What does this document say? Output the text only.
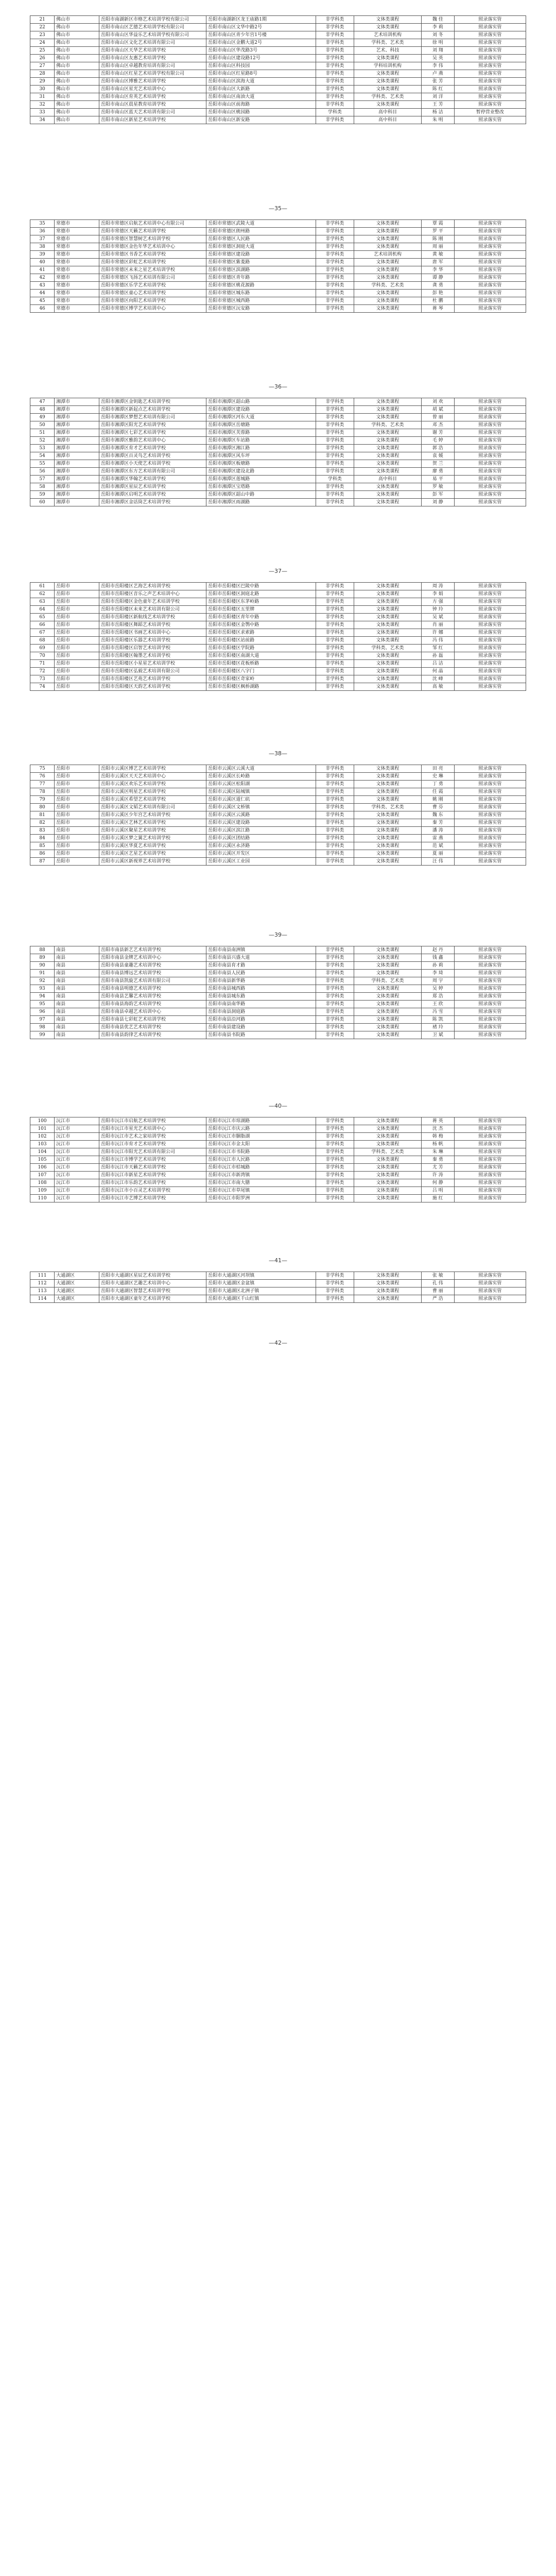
21	佛山市	岳阳市南湖新区市格艺术培训学校有限公司	岳阳市南湖新区龙王庙路1期	非学科类	文体类课程	魏 佳	照录落实管
22	佛山市	岳阳市南山区艺德艺术培训学校有限公司	岳阳市南山区文华中路2号	非学科类	文体类课程	李 莉	照录落实管
23	佛山市	岳阳市南山区华益乐艺术培训学校有限公司	岳阳市南山区青少年宫1号楼	非学科类	艺术培训机构	刘 冬	照录落实管
24	佛山市	岳阳市南山区文化艺术培训有限公司	岳阳市南山区金鹏大道2号	非学科类	学科类、艺术类	徐 明	照录落实管
25	佛山市	岳阳市南山区天华艺术培训学校	岳阳市南山区华茂路3号	非学科类	艺术、科技	刘 翔	照录落实管
26	佛山市	岳阳市南山区友惠艺术培训学校	岳阳市南山区建设路12号	非学科类	文体类课程	吴 英	照录落实管
27	佛山市	岳阳市南山区卓越教育培训有限公司	岳阳市南山区科技园	非学科类	学科培训机构	李 伟	照录落实管
28	佛山市	岳阳市南山区红星艺术培训学校有限公司	岳阳市南山区红星路8号	非学科类	文体类课程	卢 燕	照录落实管
29	佛山市	岳阳市南山区博雅艺术培训学校	岳阳市南山区滨海大道	非学科类	文体类课程	张 芳	照录落实管
30	佛山市	岳阳市南山区星光艺术培训中心	岳阳市南山区大新路	非学科类	文体类课程	陈 红	照录落实管
31	佛山市	岳阳市南山区育英艺术培训学校	岳阳市南山区南油大道	非学科类	学科类、艺术类	刘 洋	照录落实管
32	佛山市	岳阳市南山区晨星教育培训学校	岳阳市南山区前海路	非学科类	文体类课程	王 芳	照录落实管
33	佛山市	岳阳市南山区蓝天艺术培训有限公司	岳阳市南山区桃园路	学科类	高中科目	杨 洁	暂停营业整改
34	佛山市	岳阳市南山区新星艺术培训学校	岳阳市南山区新安路	非学科类	高中科目	朱 明	照录落实管
—35—
35	常德市	岳阳市常德区启航艺术培训中心有限公司	岳阳市常德区武陵大道	非学科类	文体类课程	覃 霞	照录落实管
36	常德市	岳阳市常德区天籁艺术培训学校	岳阳市常德区朗州路	非学科类	文体类课程	罗 平	照录落实管
37	常德市	岳阳市常德区智慧树艺术培训学校	岳阳市常德区人民路	非学科类	文体类课程	陈 刚	照录落实管
38	常德市	岳阳市常德区金色年华艺术培训中心	岳阳市常德区洞庭大道	非学科类	文体类课程	周 丽	照录落实管
39	常德市	岳阳市常德区书香艺术培训学校	岳阳市常德区建设路	非学科类	艺术培训机构	黄 敏	照录落实管
40	常德市	岳阳市常德区彩虹艺术培训学校	岳阳市常德区紫菱路	非学科类	文体类课程	唐 军	照录落实管
41	常德市	岳阳市常德区未来之星艺术培训学校	岳阳市常德区滨湖路	非学科类	文体类课程	李 华	照录落实管
42	常德市	岳阳市常德区飞扬艺术培训有限公司	岳阳市常德区青年路	非学科类	文体类课程	谭 静	照录落实管
43	常德市	岳阳市常德区乐学艺术培训学校	岳阳市常德区桃花源路	非学科类	学科类、艺术类	龚 勇	照录落实管
44	常德市	岳阳市常德区童心艺术培训学校	岳阳市常德区城东路	非学科类	文体类课程	彭 艳	照录落实管
45	常德市	岳阳市常德区向阳艺术培训学校	岳阳市常德区城西路	非学科类	文体类课程	杜 鹏	照录落实管
46	常德市	岳阳市常德区博学艺术培训中心	岳阳市常德区沅安路	非学科类	文体类课程	蒋 琴	照录落实管
—36—
47	湘潭市	岳阳市湘潭区金钥匙艺术培训学校	岳阳市湘潭区韶山路	非学科类	文体类课程	刘 欢	照录落实管
48	湘潭市	岳阳市湘潭区新起点艺术培训学校	岳阳市湘潭区建设路	非学科类	文体类课程	胡 斌	照录落实管
49	湘潭市	岳阳市湘潭区梦想艺术培训有限公司	岳阳市湘潭区河东大道	非学科类	文体类课程	曾 丽	照录落实管
50	湘潭市	岳阳市湘潭区阳光艺术培训学校	岳阳市湘潭区岳塘路	非学科类	学科类、艺术类	邓 杰	照录落实管
51	湘潭市	岳阳市湘潭区七彩艺术培训学校	岳阳市湘潭区芙蓉路	非学科类	文体类课程	谢 芳	照录落实管
52	湘潭市	岳阳市湘潭区雅韵艺术培训中心	岳阳市湘潭区车站路	非学科类	文体类课程	毛 婷	照录落实管
53	湘潭市	岳阳市湘潭区育才艺术培训学校	岳阳市湘潭区湘江路	非学科类	文体类课程	郭 浩	照录落实管
54	湘潭市	岳阳市湘潭区百灵鸟艺术培训学校	岳阳市湘潭区风车坪	非学科类	文体类课程	袁 媛	照录落实管
55	湘潭市	岳阳市湘潭区小天使艺术培训学校	岳阳市湘潭区板塘路	非学科类	文体类课程	贺 兰	照录落实管
56	湘潭市	岳阳市湘潭区东方艺术培训有限公司	岳阳市湘潭区建设北路	非学科类	文体类课程	廖 勇	照录落实管
57	湘潭市	岳阳市湘潭区华翰艺术培训学校	岳阳市湘潭区莲城路	学科类	高中科目	易 平	照录落实管
58	湘潭市	岳阳市湘潭区星辰艺术培训学校	岳阳市湘潭区宝塔路	非学科类	文体类课程	罗 敏	照录落实管
59	湘潭市	岳阳市湘潭区启明艺术培训学校	岳阳市湘潭区韶山中路	非学科类	文体类课程	彭 军	照录落实管
60	湘潭市	岳阳市湘潭区金话筒艺术培训学校	岳阳市湘潭区雨湖路	非学科类	文体类课程	刘 静	照录落实管
—37—
61	岳阳市	岳阳市岳阳楼区艺海艺术培训学校	岳阳市岳阳楼区巴陵中路	非学科类	文体类课程	周 涛	照录落实管
62	岳阳市	岳阳市岳阳楼区音乐之声艺术培训中心	岳阳市岳阳楼区洞庭北路	非学科类	文体类课程	李 娟	照录落实管
63	岳阳市	岳阳市岳阳楼区金色童年艺术培训学校	岳阳市岳阳楼区东茅岭路	非学科类	文体类课程	方 强	照录落实管
64	岳阳市	岳阳市岳阳楼区未来艺术培训有限公司	岳阳市岳阳楼区五里牌	非学科类	文体类课程	钟 玲	照录落实管
65	岳阳市	岳阳市岳阳楼区新航线艺术培训学校	岳阳市岳阳楼区青年中路	非学科类	文体类课程	吴 斌	照录落实管
66	岳阳市	岳阳市岳阳楼区舞蹈艺术培训学校	岳阳市岳阳楼区金鹗中路	非学科类	文体类课程	肖 丽	照录落实管
67	岳阳市	岳阳市岳阳楼区书画艺术培训中心	岳阳市岳阳楼区求索路	非学科类	文体类课程	许 娜	照录落实管
68	岳阳市	岳阳市岳阳楼区乐器艺术培训学校	岳阳市岳阳楼区站前路	非学科类	文体类课程	冯 伟	照录落实管
69	岳阳市	岳阳市岳阳楼区启智艺术培训学校	岳阳市岳阳楼区学院路	非学科类	学科类、艺术类	邹 红	照录落实管
70	岳阳市	岳阳市岳阳楼区翰墨艺术培训学校	岳阳市岳阳楼区南湖大道	非学科类	文体类课程	孙 磊	照录落实管
71	岳阳市	岳阳市岳阳楼区小星星艺术培训学校	岳阳市岳阳楼区花板桥路	非学科类	文体类课程	吕 洁	照录落实管
72	岳阳市	岳阳市岳阳楼区弘毅艺术培训有限公司	岳阳市岳阳楼区八字门	非学科类	文体类课程	何 晶	照录落实管
73	岳阳市	岳阳市岳阳楼区艺苑艺术培训学校	岳阳市岳阳楼区奇家岭	非学科类	文体类课程	沈 峰	照录落实管
74	岳阳市	岳阳市岳阳楼区天韵艺术培训学校	岳阳市岳阳楼区枫桥湖路	非学科类	文体类课程	高 敏	照录落实管
—38—
75	岳阳市	岳阳市云溪区博艺艺术培训学校	岳阳市云溪区云溪大道	非学科类	文体类课程	田 亮	照录落实管
76	岳阳市	岳阳市云溪区天天艺术培训中心	岳阳市云溪区长岭路	非学科类	文体类课程	史 琳	照录落实管
77	岳阳市	岳阳市云溪区欢乐艺术培训学校	岳阳市云溪区松阳湖	非学科类	文体类课程	丁 勇	照录落实管
78	岳阳市	岳阳市云溪区明星艺术培训学校	岳阳市云溪区陆城镇	非学科类	文体类课程	任 霞	照录落实管
79	岳阳市	岳阳市云溪区希望艺术培训学校	岳阳市云溪区道仁矶	非学科类	文体类课程	姚 刚	照录落实管
80	岳阳市	岳阳市云溪区文韬艺术培训有限公司	岳阳市云溪区文桥镇	非学科类	学科类、艺术类	曹 芬	照录落实管
81	岳阳市	岳阳市云溪区少年宫艺术培训学校	岳阳市云溪区云溪路	非学科类	文体类课程	魏 东	照录落实管
82	岳阳市	岳阳市云溪区艺林艺术培训学校	岳阳市云溪区建设路	非学科类	文体类课程	秦 芳	照录落实管
83	岳阳市	岳阳市云溪区聚星艺术培训学校	岳阳市云溪区滨江路	非学科类	文体类课程	潘 涛	照录落实管
84	岳阳市	岳阳市云溪区梦之翼艺术培训学校	岳阳市云溪区团结路	非学科类	文体类课程	雷 燕	照录落实管
85	岳阳市	岳阳市云溪区华夏艺术培训学校	岳阳市云溪区永济路	非学科类	文体类课程	范 斌	照录落实管
86	岳阳市	岳阳市云溪区艺星艺术培训学校	岳阳市云溪区开发区	非学科类	文体类课程	夏 丽	照录落实管
87	岳阳市	岳阳市云溪区新视界艺术培训学校	岳阳市云溪区工业园	非学科类	文体类课程	汪 伟	照录落实管
—39—
88	南县	岳阳市南县新艺艺术培训学校	岳阳市南县南洲镇	非学科类	文体类课程	赵 丹	照录落实管
89	南县	岳阳市南县金牌艺术培训中心	岳阳市南县兴盛大道	非学科类	文体类课程	钱 鑫	照录落实管
90	南县	岳阳市南县童趣艺术培训学校	岳阳市南县育才路	非学科类	文体类课程	孙 莉	照录落实管
91	南县	岳阳市南县博远艺术培训学校	岳阳市南县人民路	非学科类	文体类课程	李 琦	照录落实管
92	南县	岳阳市南县凯旋艺术培训有限公司	岳阳市南县新华路	非学科类	学科类、艺术类	周 宇	照录落实管
93	南县	岳阳市南县明德艺术培训学校	岳阳市南县城西路	非学科类	文体类课程	吴 婷	照录落实管
94	南县	岳阳市南县艺馨艺术培训学校	岳阳市南县城东路	非学科类	文体类课程	郑 浩	照录落实管
95	南县	岳阳市南县海韵艺术培训学校	岳阳市南县南华路	非学科类	文体类课程	王 欣	照录落实管
96	南县	岳阳市南县卓越艺术培训中心	岳阳市南县洞庭路	非学科类	文体类课程	冯 雪	照录落实管
97	南县	岳阳市南县七彩虹艺术培训学校	岳阳市南县沿河路	非学科类	文体类课程	陈 凯	照录落实管
98	南县	岳阳市南县优艺艺术培训学校	岳阳市南县建设路	非学科类	文体类课程	褚 玲	照录落实管
99	南县	岳阳市南县韵律艺术培训学校	岳阳市南县书院路	非学科类	文体类课程	卫 斌	照录落实管
—40—
100	沅江市	岳阳市沅江市启航艺术培训学校	岳阳市沅江市琼湖路	非学科类	文体类课程	蒋 英	照录落实管
101	沅江市	岳阳市沅江市星光艺术培训中心	岳阳市沅江市庆云路	非学科类	文体类课程	沈 杰	照录落实管
102	沅江市	岳阳市沅江市艺术之家培训学校	岳阳市沅江市胭脂湖	非学科类	文体类课程	韩 梅	照录落实管
103	沅江市	岳阳市沅江市育才艺术培训学校	岳阳市沅江市金太阳	非学科类	文体类课程	杨 帆	照录落实管
104	沅江市	岳阳市沅江市阳光艺术培训有限公司	岳阳市沅江市书院路	非学科类	学科类、艺术类	朱 琳	照录落实管
105	沅江市	岳阳市沅江市博学艺术培训学校	岳阳市沅江市人民路	非学科类	文体类课程	秦 勇	照录落实管
106	沅江市	岳阳市沅江市天籁艺术培训学校	岳阳市沅江市桔城路	非学科类	文体类课程	尤 芳	照录落实管
107	沅江市	岳阳市沅江市新星艺术培训学校	岳阳市沅江市新湾镇	非学科类	文体类课程	许 涛	照录落实管
108	沅江市	岳阳市沅江市乐韵艺术培训学校	岳阳市沅江市南大膳	非学科类	文体类课程	何 静	照录落实管
109	沅江市	岳阳市沅江市小百灵艺术培训学校	岳阳市沅江市草尾镇	非学科类	文体类课程	吕 明	照录落实管
110	沅江市	岳阳市沅江市艺博艺术培训学校	岳阳市沅江市阳罗洲	非学科类	文体类课程	施 红	照录落实管
—41—
111	大通湖区	岳阳市大通湖区星辰艺术培训学校	岳阳市大通湖区河坝镇	非学科类	文体类课程	张 敏	照录落实管
112	大通湖区	岳阳市大通湖区艺趣艺术培训中心	岳阳市大通湖区金盆镇	非学科类	文体类课程	孔 伟	照录落实管
113	大通湖区	岳阳市大通湖区智慧艺术培训学校	岳阳市大通湖区北洲子镇	非学科类	文体类课程	曹 丽	照录落实管
114	大通湖区	岳阳市大通湖区童年艺术培训学校	岳阳市大通湖区千山红镇	非学科类	文体类课程	严 浩	照录落实管
—42—
